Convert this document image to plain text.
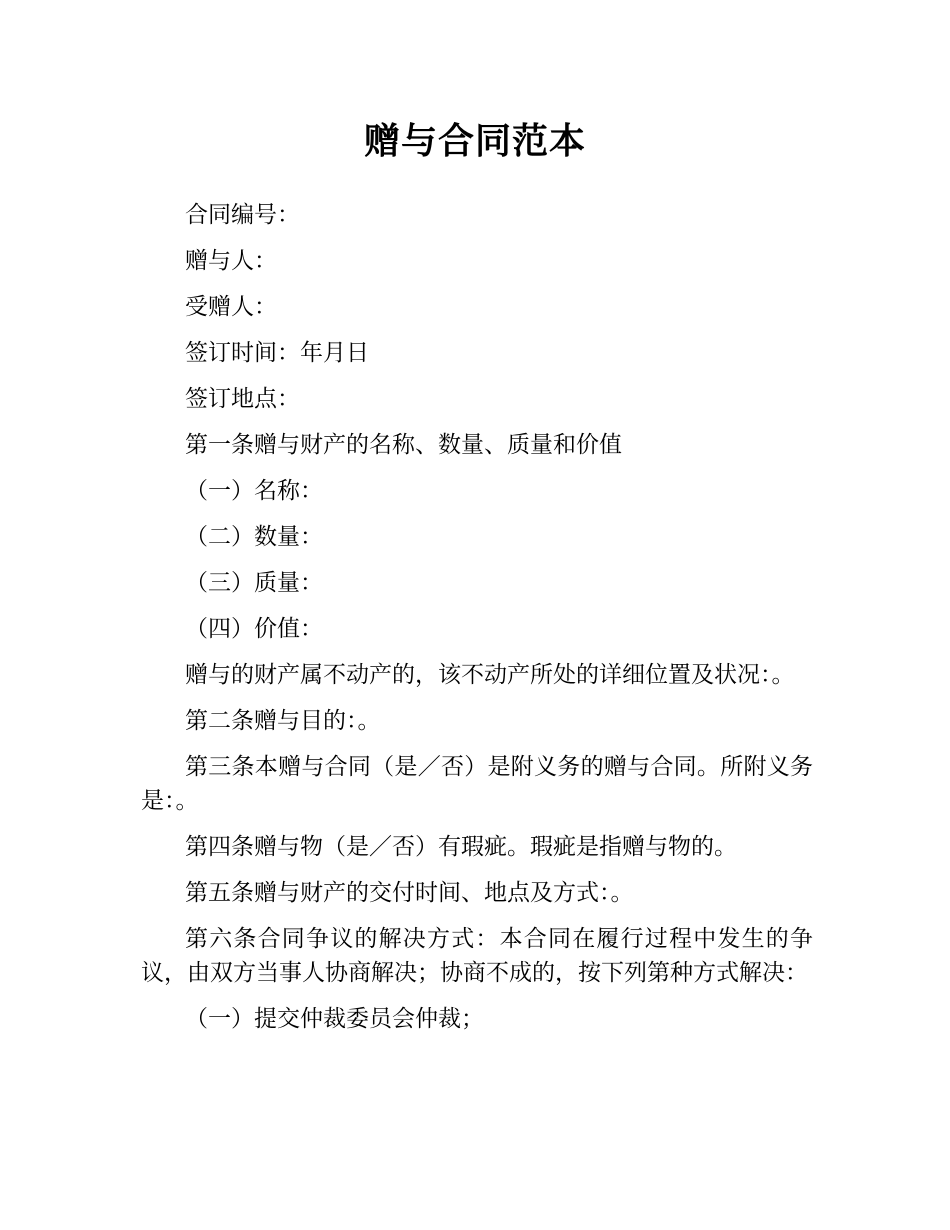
赠与合同范本

合同编号：

赠与人：

受赠人：

签订时间：年月日

签订地点：

第一条赠与财产的名称、数量、质量和价值

（一）名称：

（二）数量：

（三）质量：

（四）价值：

赠与的财产属不动产的，该不动产所处的详细位置及状况：。

第二条赠与目的：。

第三条本赠与合同（是／否）是附义务的赠与合同。所附义务是：。

第四条赠与物（是／否）有瑕疵。瑕疵是指赠与物的。

第五条赠与财产的交付时间、地点及方式：。

第六条合同争议的解决方式：本合同在履行过程中发生的争议，由双方当事人协商解决；协商不成的，按下列第种方式解决：

（一）提交仲裁委员会仲裁；
